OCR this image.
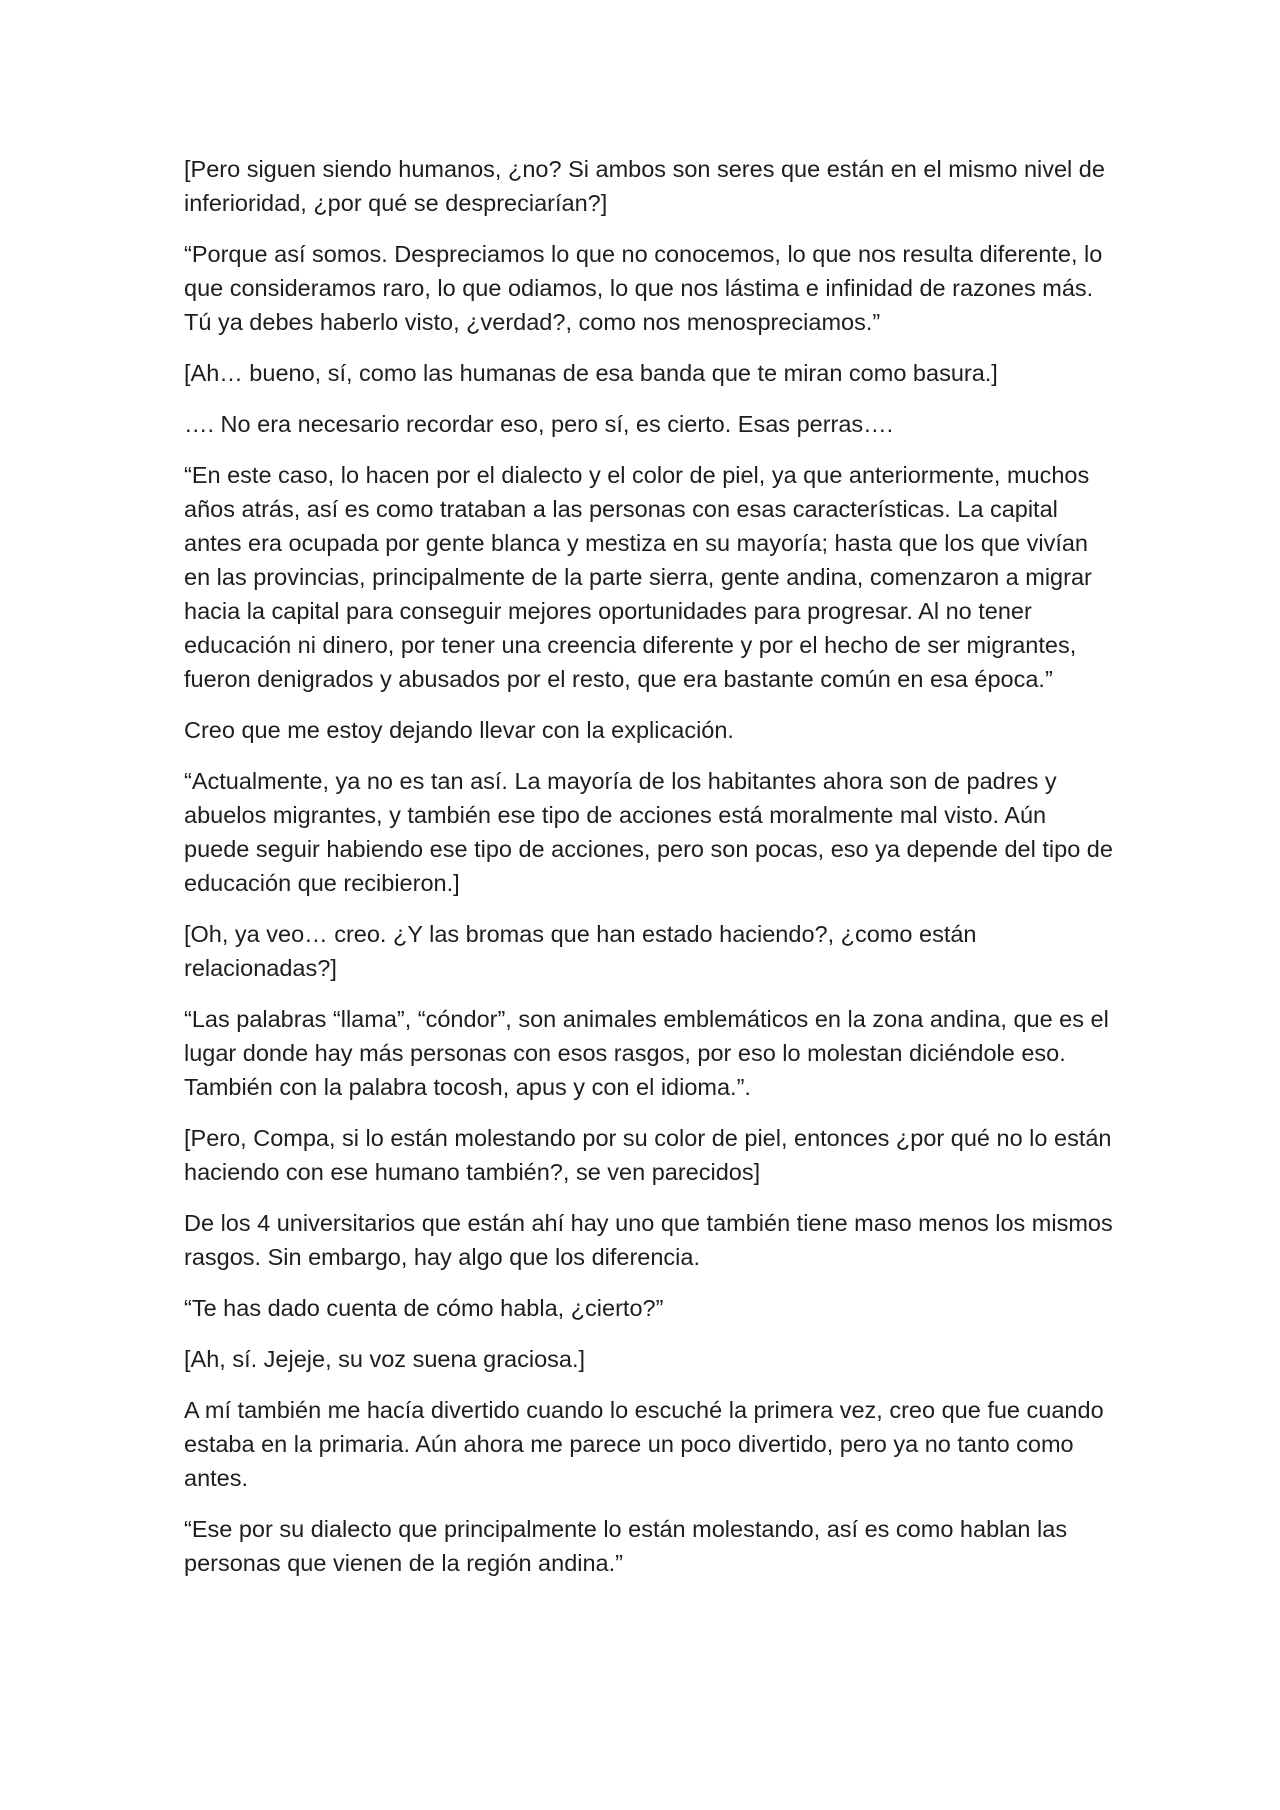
[Pero siguen siendo humanos, ¿no? Si ambos son seres que están en el mismo nivel de inferioridad, ¿por qué se despreciarían?]

“Porque así somos. Despreciamos lo que no conocemos, lo que nos resulta diferente, lo que consideramos raro, lo que odiamos, lo que nos lástima e infinidad de razones más. Tú ya debes haberlo visto, ¿verdad?, como nos menospreciamos.”

[Ah… bueno, sí, como las humanas de esa banda que te miran como basura.]

…. No era necesario recordar eso, pero sí, es cierto. Esas perras….

“En este caso, lo hacen por el dialecto y el color de piel, ya que anteriormente, muchos años atrás, así es como trataban a las personas con esas características. La capital antes era ocupada por gente blanca y mestiza en su mayoría; hasta que los que vivían en las provincias, principalmente de la parte sierra, gente andina, comenzaron a migrar hacia la capital para conseguir mejores oportunidades para progresar. Al no tener educación ni dinero, por tener una creencia diferente y por el hecho de ser migrantes, fueron denigrados y abusados por el resto, que era bastante común en esa época.”

Creo que me estoy dejando llevar con la explicación.

“Actualmente, ya no es tan así. La mayoría de los habitantes ahora son de padres y abuelos migrantes, y también ese tipo de acciones está moralmente mal visto. Aún puede seguir habiendo ese tipo de acciones, pero son pocas, eso ya depende del tipo de educación que recibieron.]

[Oh, ya veo… creo. ¿Y las bromas que han estado haciendo?, ¿como están relacionadas?]

“Las palabras “llama”, “cóndor”, son animales emblemáticos en la zona andina, que es el lugar donde hay más personas con esos rasgos, por eso lo molestan diciéndole eso. También con la palabra tocosh, apus y con el idioma.”.

[Pero, Compa, si lo están molestando por su color de piel, entonces ¿por qué no lo están haciendo con ese humano también?, se ven parecidos]

De los 4 universitarios que están ahí hay uno que también tiene maso menos los mismos rasgos. Sin embargo, hay algo que los diferencia.

“Te has dado cuenta de cómo habla, ¿cierto?”

[Ah, sí. Jejeje, su voz suena graciosa.]

A mí también me hacía divertido cuando lo escuché la primera vez, creo que fue cuando estaba en la primaria. Aún ahora me parece un poco divertido, pero ya no tanto como antes.

“Ese por su dialecto que principalmente lo están molestando, así es como hablan las personas que vienen de la región andina.”
